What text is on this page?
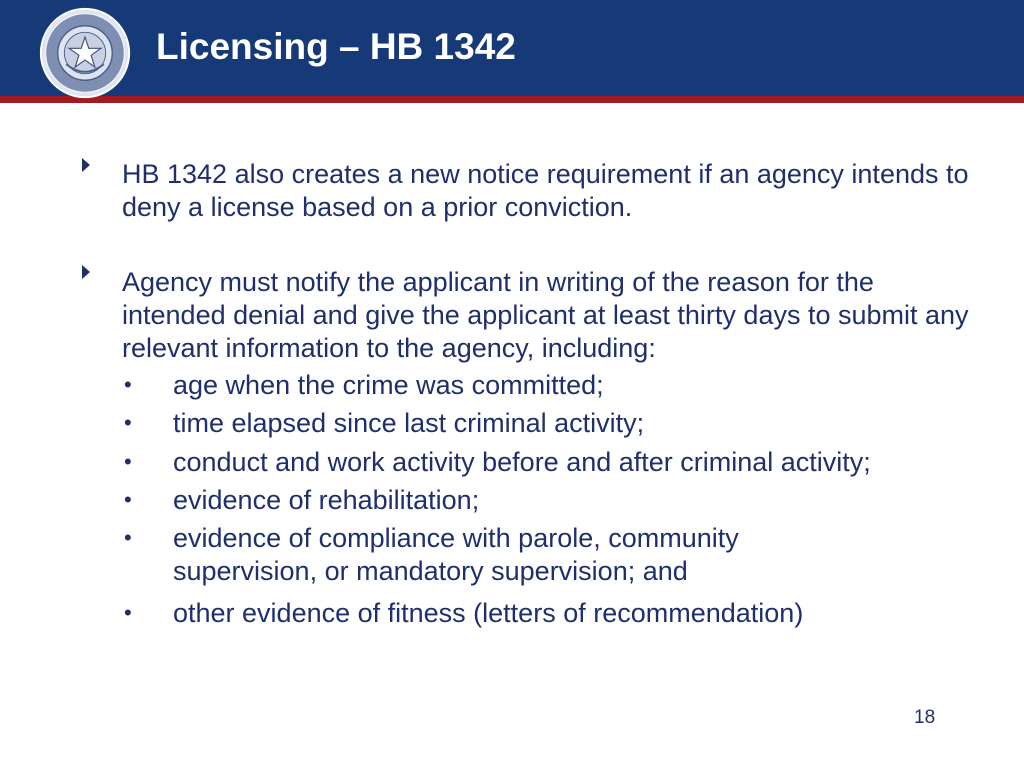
Licensing – HB 1342
HB 1342 also creates a new notice requirement if an agency intends to deny a license based on a prior conviction.
Agency must notify the applicant in writing of the reason for the intended denial and give the applicant at least thirty days to submit any relevant information to the agency, including:
• age when the crime was committed;
• time elapsed since last criminal activity;
• conduct and work activity before and after criminal activity;
• evidence of rehabilitation;
• evidence of compliance with parole, community supervision, or mandatory supervision; and
• other evidence of fitness (letters of recommendation)
18
